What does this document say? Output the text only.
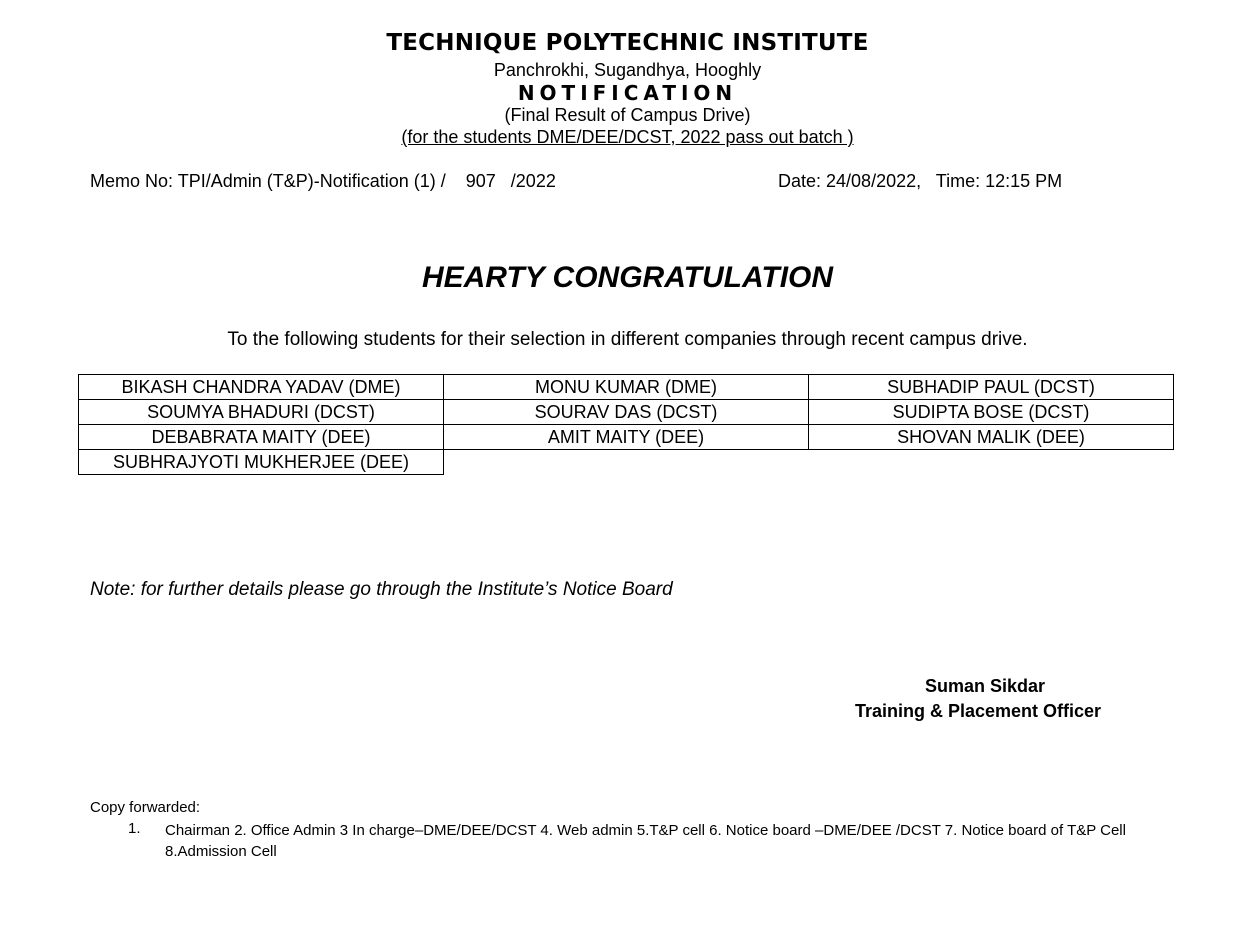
TECHNIQUE POLYTECHNIC INSTITUTE
Panchrokhi, Sugandhya, Hooghly
NOTIFICATION
(Final Result of Campus Drive)
(for the students DME/DEE/DCST, 2022 pass out batch )
Memo No: TPI/Admin (T&P)-Notification (1) /    907   /2022	Date: 24/08/2022,   Time: 12:15 PM
HEARTY CONGRATULATION
To the following students for their selection in different companies through recent campus drive.
BIKASH CHANDRA YADAV (DME)	MONU KUMAR (DME)	SUBHADIP PAUL (DCST)
SOUMYA BHADURI (DCST)	SOURAV DAS (DCST)	SUDIPTA BOSE (DCST)
DEBABRATA MAITY (DEE)	AMIT MAITY (DEE)	SHOVAN MALIK (DEE)
SUBHRAJYOTI MUKHERJEE (DEE)		
Note: for further details please go through the Institute’s Notice Board
Suman Sikdar
Training & Placement Officer
Copy forwarded:
1. Chairman 2. Office Admin 3 In charge–DME/DEE/DCST 4. Web admin 5.T&P cell 6. Notice board –DME/DEE /DCST 7. Notice board of T&P Cell 8.Admission Cell
